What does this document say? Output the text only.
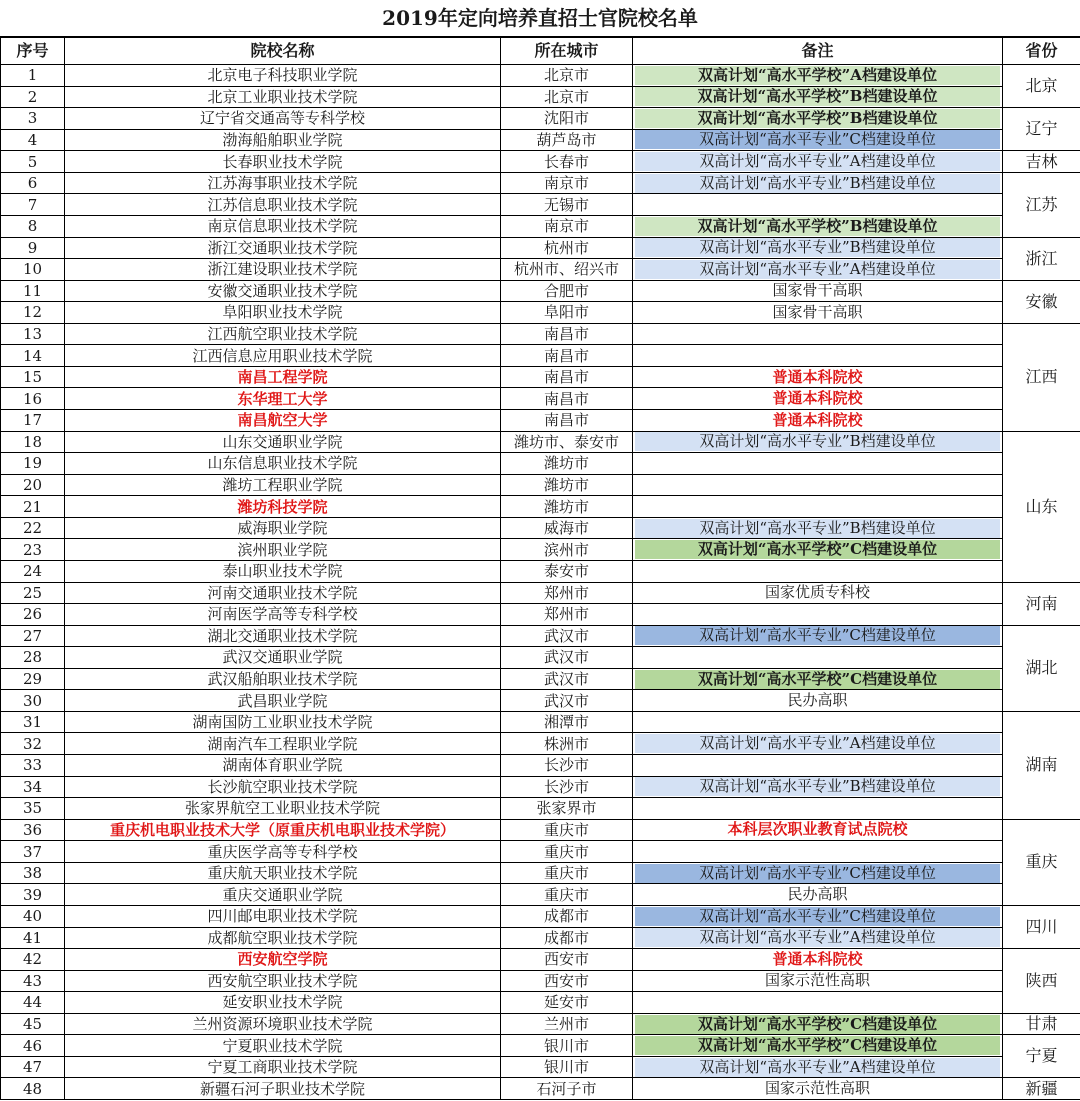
2019年定向培养直招士官院校名单
序号	院校名称	所在城市	备注	省份
1	北京电子科技职业学院	北京市	双高计划“高水平学校”A档建设单位	北京
2	北京工业职业技术学院	北京市	双高计划“高水平学校”B档建设单位	

3	辽宁省交通高等专科学校	沈阳市	双高计划“高水平学校”B档建设单位	辽宁
4	渤海船舶职业学院	葫芦岛市	双高计划“高水平专业”C档建设单位	

5	长春职业技术学院	长春市	双高计划“高水平专业”A档建设单位	吉林
6	江苏海事职业技术学院	南京市	双高计划“高水平专业”B档建设单位	江苏
7	江苏信息职业技术学院	无锡市		

8	南京信息职业技术学院	南京市	双高计划“高水平学校”B档建设单位	

9	浙江交通职业技术学院	杭州市	双高计划“高水平专业”B档建设单位	浙江
10	浙江建设职业技术学院	杭州市、绍兴市	双高计划“高水平专业”A档建设单位	

11	安徽交通职业技术学院	合肥市	国家骨干高职	安徽
12	阜阳职业技术学院	阜阳市	国家骨干高职	

13	江西航空职业技术学院	南昌市		江西
14	江西信息应用职业技术学院	南昌市		

15	南昌工程学院	南昌市	普通本科院校	

16	东华理工大学	南昌市	普通本科院校	

17	南昌航空大学	南昌市	普通本科院校	

18	山东交通职业学院	潍坊市、泰安市	双高计划“高水平专业”B档建设单位	山东
19	山东信息职业技术学院	潍坊市		

20	潍坊工程职业学院	潍坊市		

21	潍坊科技学院	潍坊市		

22	威海职业学院	威海市	双高计划“高水平专业”B档建设单位	

23	滨州职业学院	滨州市	双高计划“高水平学校”C档建设单位	

24	泰山职业技术学院	泰安市		

25	河南交通职业技术学院	郑州市	国家优质专科校	河南
26	河南医学高等专科学校	郑州市		

27	湖北交通职业技术学院	武汉市	双高计划“高水平专业”C档建设单位	湖北
28	武汉交通职业学院	武汉市		

29	武汉船舶职业技术学院	武汉市	双高计划“高水平学校”C档建设单位	

30	武昌职业学院	武汉市	民办高职	

31	湖南国防工业职业技术学院	湘潭市		湖南
32	湖南汽车工程职业学院	株洲市	双高计划“高水平专业”A档建设单位	

33	湖南体育职业学院	长沙市		

34	长沙航空职业技术学院	长沙市	双高计划“高水平专业”B档建设单位	

35	张家界航空工业职业技术学院	张家界市		

36	重庆机电职业技术大学（原重庆机电职业技术学院）	重庆市	本科层次职业教育试点院校	重庆
37	重庆医学高等专科学校	重庆市		

38	重庆航天职业技术学院	重庆市	双高计划“高水平专业”C档建设单位	

39	重庆交通职业学院	重庆市	民办高职	

40	四川邮电职业技术学院	成都市	双高计划“高水平专业”C档建设单位	四川
41	成都航空职业技术学院	成都市	双高计划“高水平专业”A档建设单位	

42	西安航空学院	西安市	普通本科院校	陕西
43	西安航空职业技术学院	西安市	国家示范性高职	

44	延安职业技术学院	延安市		

45	兰州资源环境职业技术学院	兰州市	双高计划“高水平学校”C档建设单位	甘肃
46	宁夏职业技术学院	银川市	双高计划“高水平学校”C档建设单位	宁夏
47	宁夏工商职业技术学院	银川市	双高计划“高水平专业”A档建设单位	

48	新疆石河子职业技术学院	石河子市	国家示范性高职	新疆
